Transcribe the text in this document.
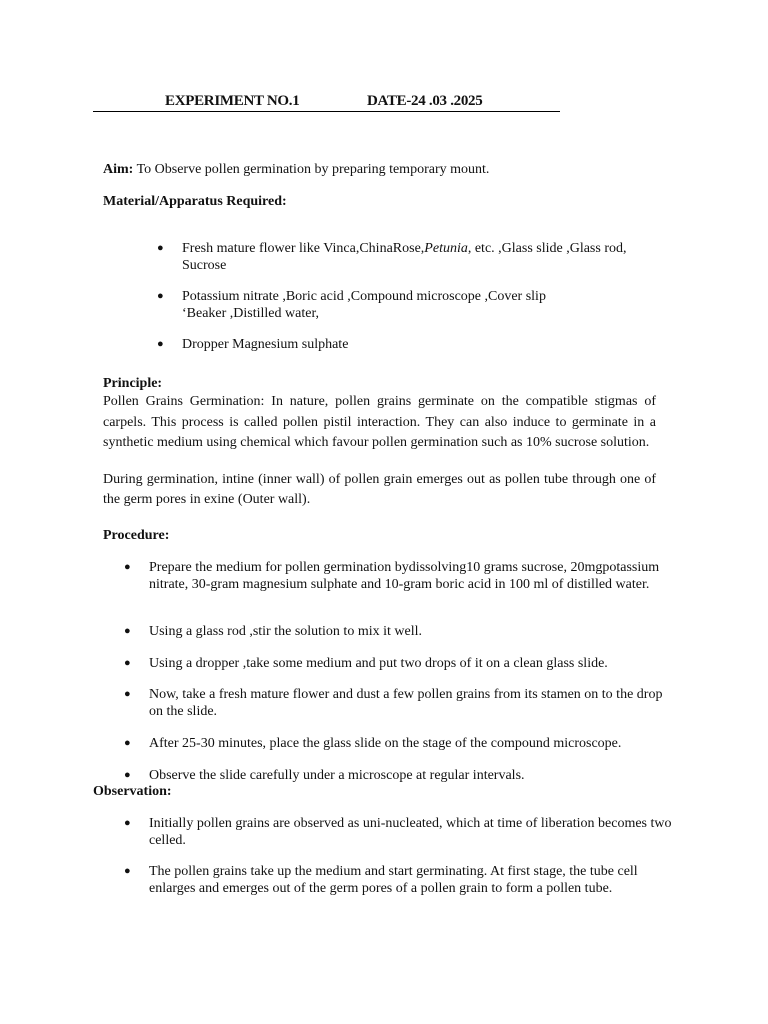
EXPERIMENT NO.1	DATE-24 .03 .2025
Aim: To Observe pollen germination by preparing temporary mount.
Material/Apparatus Required:
● Fresh mature flower like Vinca,ChinaRose,Petunia, etc. ,Glass slide ,Glass rod,
Sucrose
● Potassium nitrate ,Boric acid ,Compound microscope ,Cover slip
‘Beaker ,Distilled water,
● Dropper Magnesium sulphate
Principle:
Pollen Grains Germination: In nature, pollen grains germinate on the compatible stigmas of carpels. This process is called pollen pistil interaction. They can also induce to germinate in a synthetic medium using chemical which favour pollen germination such as 10% sucrose solution.
During germination, intine (inner wall) of pollen grain emerges out as pollen tube through one of the germ pores in exine (Outer wall).
Procedure:
● Prepare the medium for pollen germination bydissolving10 grams sucrose, 20mgpotassium nitrate, 30-gram magnesium sulphate and 10-gram boric acid in 100 ml of distilled water.
● Using a glass rod ,stir the solution to mix it well.
● Using a dropper ,take some medium and put two drops of it on a clean glass slide.
● Now, take a fresh mature flower and dust a few pollen grains from its stamen on to the drop on the slide.
● After 25-30 minutes, place the glass slide on the stage of the compound microscope.
● Observe the slide carefully under a microscope at regular intervals.
Observation:
● Initially pollen grains are observed as uni-nucleated, which at time of liberation becomes two celled.
● The pollen grains take up the medium and start germinating. At first stage, the tube cell enlarges and emerges out of the germ pores of a pollen grain to form a pollen tube.
